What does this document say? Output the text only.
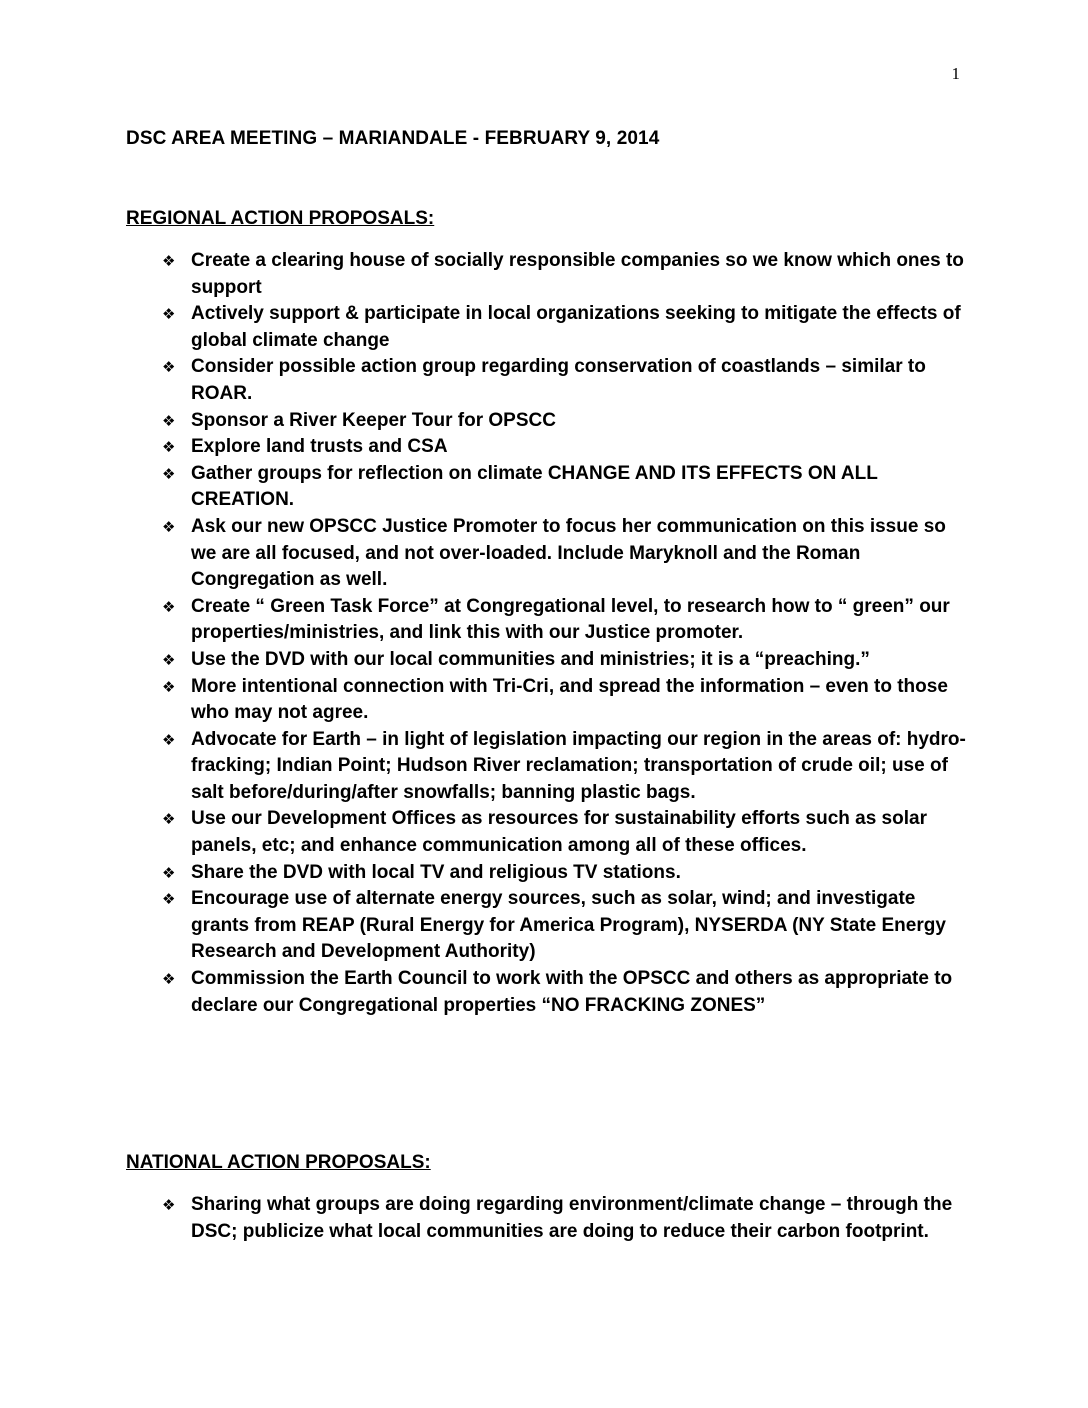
1
DSC AREA MEETING – MARIANDALE - FEBRUARY 9, 2014
REGIONAL ACTION PROPOSALS:
❖ Create a clearing house of socially responsible companies so we know which ones to support
❖ Actively support & participate in local organizations seeking to mitigate the effects of global climate change
❖ Consider possible action group regarding conservation of coastlands – similar to ROAR.
❖ Sponsor a River Keeper Tour for OPSCC
❖ Explore land trusts and CSA
❖ Gather groups for reflection on climate CHANGE AND ITS EFFECTS ON ALL CREATION.
❖ Ask our new OPSCC Justice Promoter to focus her communication on this issue so we are all focused, and not over-loaded. Include Maryknoll and the Roman Congregation as well.
❖ Create “ Green Task Force” at Congregational level, to research how to “ green” our properties/ministries, and link this with our Justice promoter.
❖ Use the DVD with our local communities and ministries; it is a “preaching.”
❖ More intentional connection with Tri-Cri, and spread the information – even to those who may not agree.
❖ Advocate for Earth – in light of legislation impacting our region in the areas of: hydro-fracking; Indian Point; Hudson River reclamation; transportation of crude oil; use of salt before/during/after snowfalls; banning plastic bags.
❖ Use our Development Offices as resources for sustainability efforts such as solar panels, etc; and enhance communication among all of these offices.
❖ Share the DVD with local TV and religious TV stations.
❖ Encourage use of alternate energy sources, such as solar, wind; and investigate grants from REAP (Rural Energy for America Program), NYSERDA (NY State Energy Research and Development Authority)
❖ Commission the Earth Council to work with the OPSCC and others as appropriate to declare our Congregational properties “NO FRACKING ZONES”
NATIONAL ACTION PROPOSALS:
❖ Sharing what groups are doing regarding environment/climate change – through the DSC; publicize what local communities are doing to reduce their carbon footprint.
